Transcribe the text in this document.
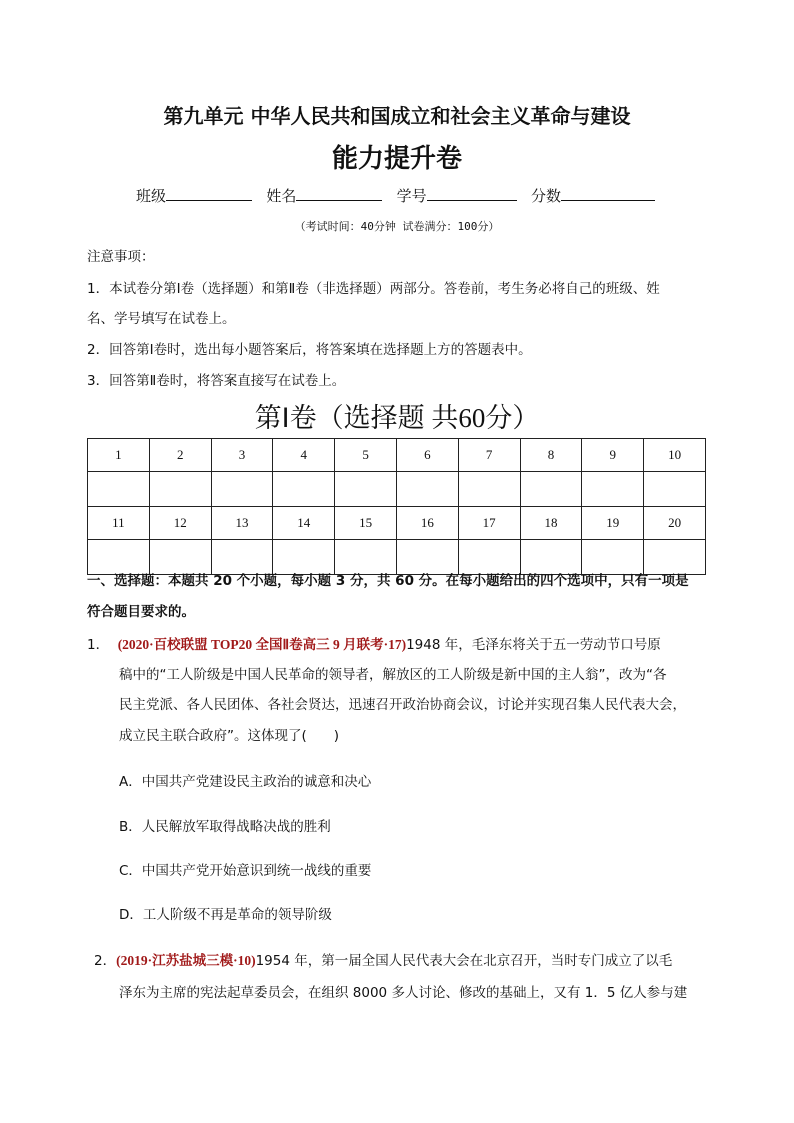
第九单元 中华人民共和国成立和社会主义革命与建设
能力提升卷
班级	姓名	学号	分数
（考试时间：40分钟 试卷满分：100分）
注意事项：
1．本试卷分第Ⅰ卷（选择题）和第Ⅱ卷（非选择题）两部分。答卷前，考生务必将自己的班级、姓
名、学号填写在试卷上。
2．回答第Ⅰ卷时，选出每小题答案后，将答案填在选择题上方的答题表中。
3．回答第Ⅱ卷时，将答案直接写在试卷上。
第Ⅰ卷（选择题 共60分）
1	2	3	4	5	6	7	8	9	10

11	12	13	14	15	16	17	18	19	20

一、选择题：本题共 20 个小题，每小题 3 分，共 60 分。在每小题给出的四个选项中，只有一项是
符合题目要求的。
1． (2020·百校联盟 TOP20 全国Ⅱ卷高三 9 月联考·17)1948 年，毛泽东将关于五一劳动节口号原
稿中的“工人阶级是中国人民革命的领导者，解放区的工人阶级是新中国的主人翁”，改为“各
民主党派、各人民团体、各社会贤达，迅速召开政治协商会议，讨论并实现召集人民代表大会，
成立民主联合政府”。这体现了(　　)
A．中国共产党建设民主政治的诚意和决心
B．人民解放军取得战略决战的胜利
C．中国共产党开始意识到统一战线的重要
D．工人阶级不再是革命的领导阶级
2．(2019·江苏盐城三模·10)1954 年，第一届全国人民代表大会在北京召开，当时专门成立了以毛
泽东为主席的宪法起草委员会，在组织 8000 多人讨论、修改的基础上，又有 1．5 亿人参与建
